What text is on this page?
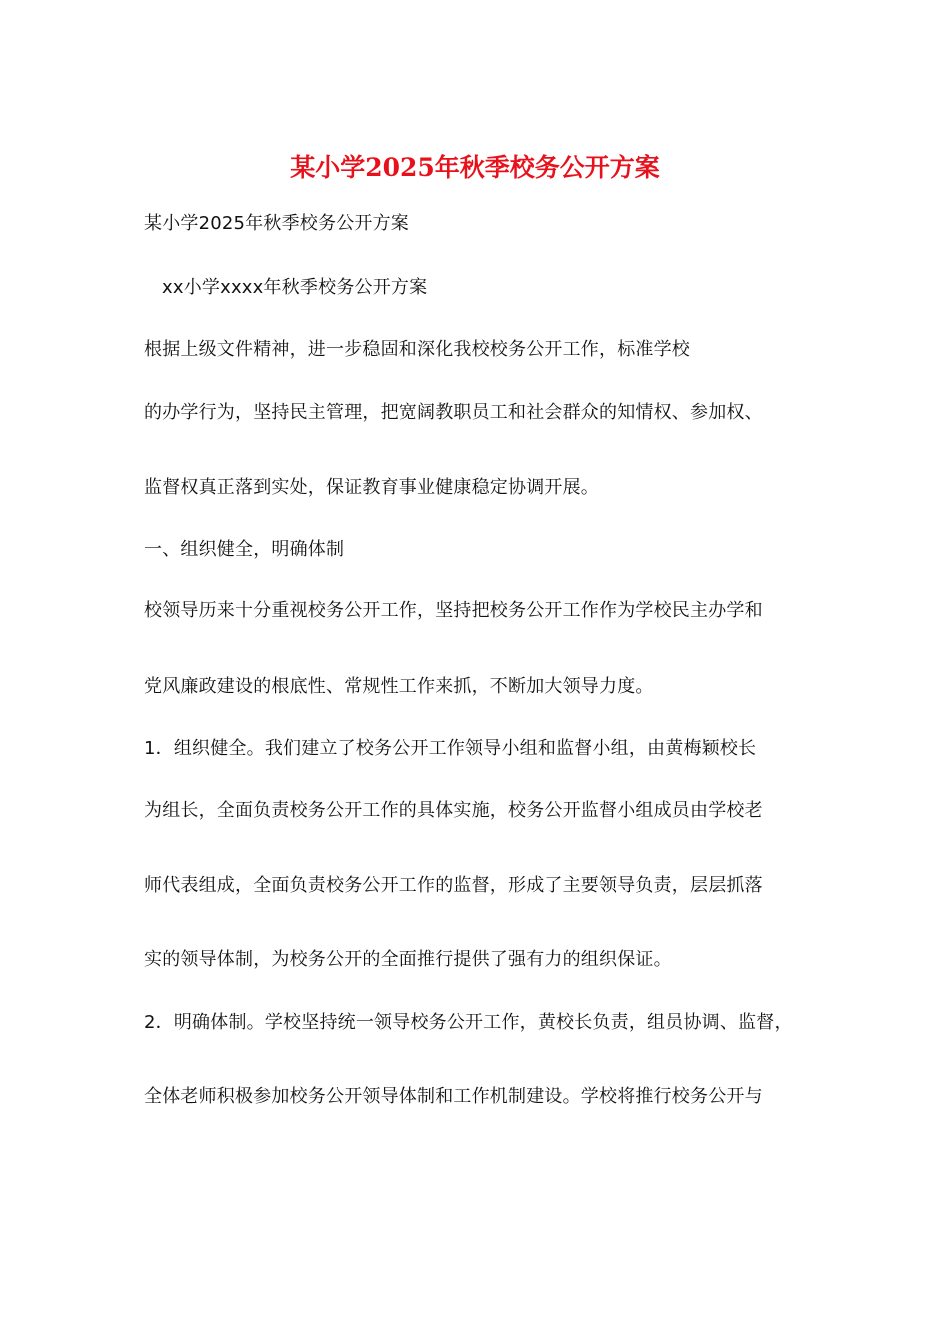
某小学2025年秋季校务公开方案
某小学2025年秋季校务公开方案
xx小学xxxx年秋季校务公开方案
根据上级文件精神，进一步稳固和深化我校校务公开工作，标准学校
的办学行为，坚持民主管理，把宽阔教职员工和社会群众的知情权、参加权、
监督权真正落到实处，保证教育事业健康稳定协调开展。
一、组织健全，明确体制
校领导历来十分重视校务公开工作，坚持把校务公开工作作为学校民主办学和
党风廉政建设的根底性、常规性工作来抓，不断加大领导力度。
1．组织健全。我们建立了校务公开工作领导小组和监督小组，由黄梅颖校长
为组长，全面负责校务公开工作的具体实施，校务公开监督小组成员由学校老
师代表组成，全面负责校务公开工作的监督，形成了主要领导负责，层层抓落
实的领导体制，为校务公开的全面推行提供了强有力的组织保证。
2．明确体制。学校坚持统一领导校务公开工作，黄校长负责，组员协调、监督，
全体老师积极参加校务公开领导体制和工作机制建设。学校将推行校务公开与
